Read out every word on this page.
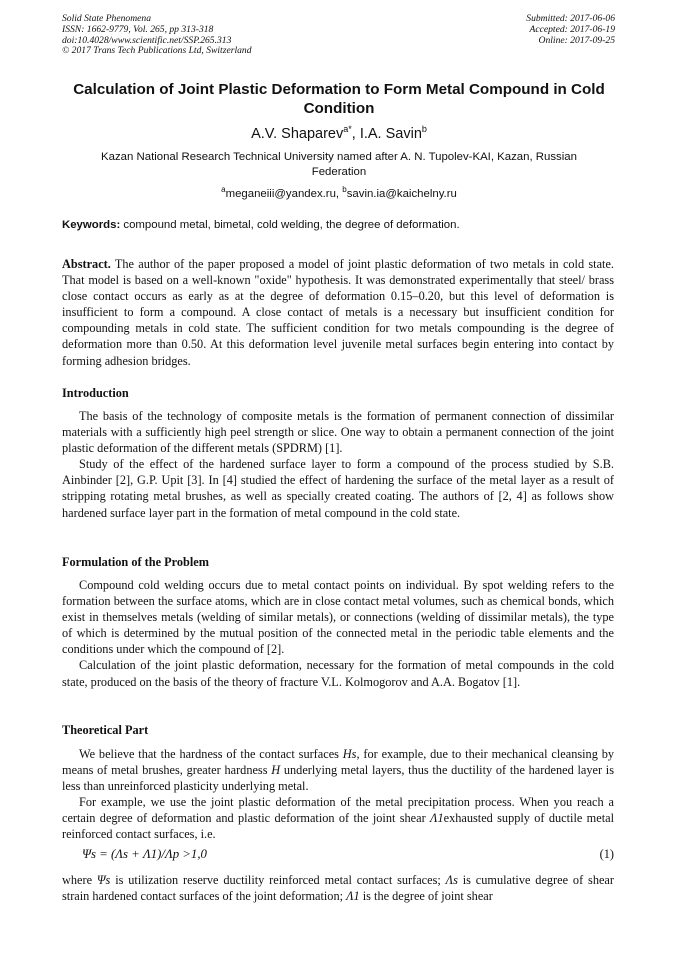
Solid State Phenomena
ISSN: 1662-9779, Vol. 265, pp 313-318
doi:10.4028/www.scientific.net/SSP.265.313
© 2017 Trans Tech Publications Ltd, Switzerland
Submitted: 2017-06-06
Accepted: 2017-06-19
Online: 2017-09-25
Calculation of Joint Plastic Deformation to Form Metal Compound in Cold Condition
A.V. Shaparev$^{a*}$, I.A. Savin$^b$
Kazan National Research Technical University named after A. N. Tupolev-KAI, Kazan, Russian Federation
$^a$meganeiii@yandex.ru, $^b$savin.ia@kaichelny.ru
Keywords: compound metal, bimetal, cold welding, the degree of deformation.

Abstract. The author of the paper proposed a model of joint plastic deformation of two metals in cold state. That model is based on a well-known "oxide" hypothesis. It was demonstrated experimentally that steel/ brass close contact occurs as early as at the degree of deformation 0.15–0.20, but this level of deformation is insufficient to form a compound. A close contact of metals is a necessary but insufficient condition for compounding metals in cold state. The sufficient condition for two metals compounding is the degree of deformation more than 0.50. At this deformation level juvenile metal surfaces begin entering into contact by forming adhesion bridges.

Introduction

The basis of the technology of composite metals is the formation of permanent connection of dissimilar materials with a sufficiently high peel strength or slice. One way to obtain a permanent connection of the joint plastic deformation of the different metals (SPDRM) [1].

Study of the effect of the hardened surface layer to form a compound of the process studied by S.B. Ainbinder [2], G.P. Upit [3]. In [4] studied the effect of hardening the surface of the metal layer as a result of stripping rotating metal brushes, as well as specially created coating. The authors of [2, 4] as follows show hardened surface layer part in the formation of metal compound in the cold state.

Formulation of the Problem

Compound cold welding occurs due to metal contact points on individual. By spot welding refers to the formation between the surface atoms, which are in close contact metal volumes, such as chemical bonds, which exist in themselves metals (welding of similar metals), or connections (welding of dissimilar metals), the type of which is determined by the mutual position of the connected metal in the periodic table elements and the conditions under which the compound of [2].

Calculation of the joint plastic deformation, necessary for the formation of metal compounds in the cold state, produced on the basis of the theory of fracture V.L. Kolmogorov and A.A. Bogatov [1].

Theoretical Part

We believe that the hardness of the contact surfaces Hs, for example, due to their mechanical cleansing by means of metal brushes, greater hardness H underlying metal layers, thus the ductility of the hardened layer is less than unreinforced plasticity underlying metal.

For example, we use the joint plastic deformation of the metal precipitation process. When you reach a certain degree of deformation and plastic deformation of the joint shear Λ1exhausted supply of ductile metal reinforced contact surfaces, i.e.

Ψs = (Λs + Λ1)/Λp >1,0	(1)

where Ψs is utilization reserve ductility reinforced metal contact surfaces; Λs is cumulative degree of shear strain hardened contact surfaces of the joint deformation; Λ1 is the degree of joint shear
